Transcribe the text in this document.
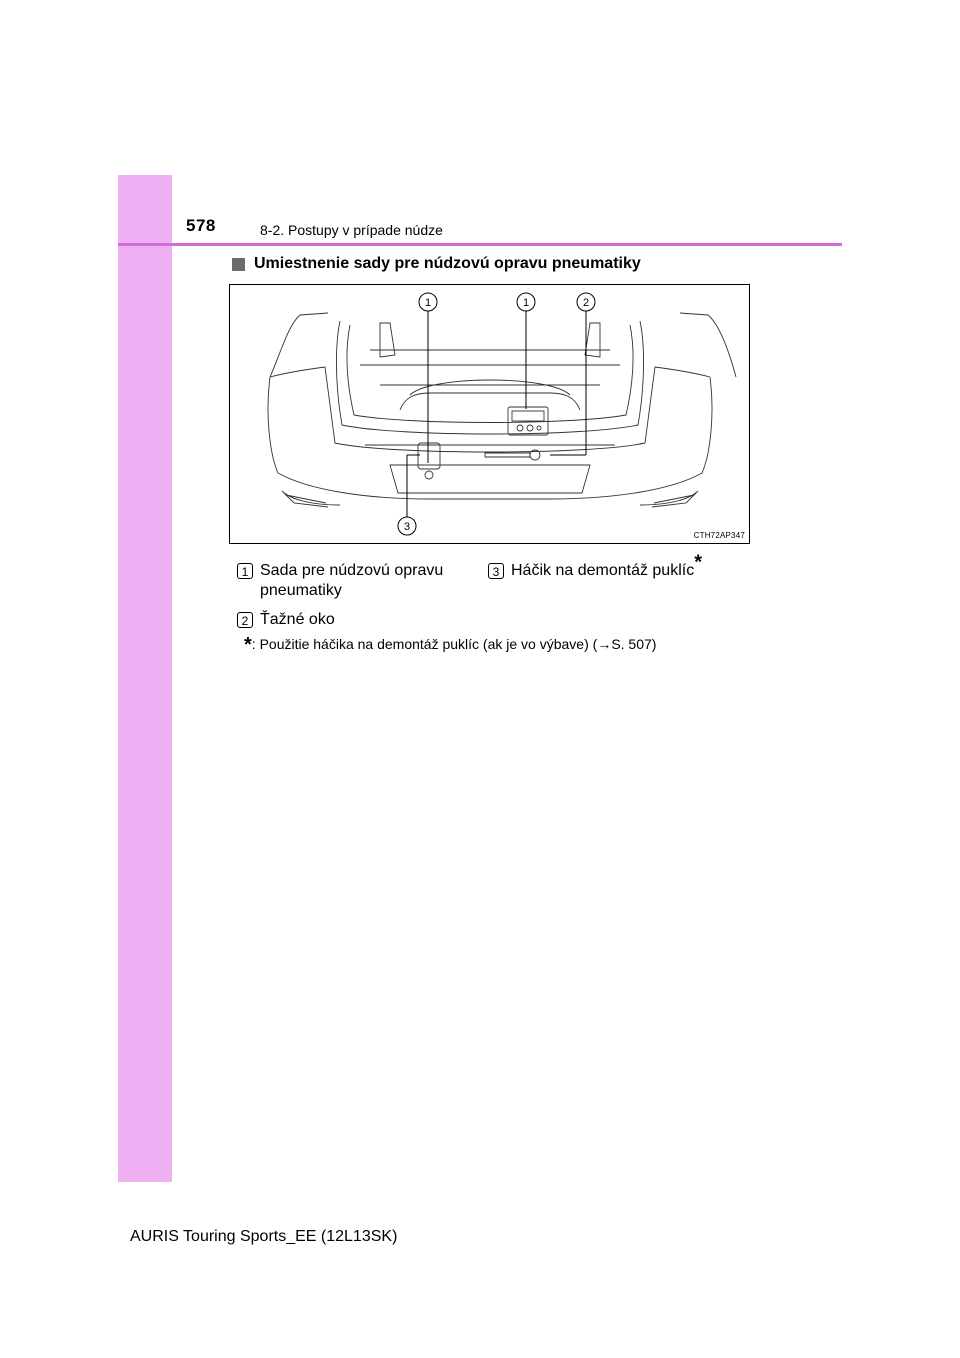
578	8-2. Postupy v prípade núdze
Umiestnenie sady pre núdzovú opravu pneumatiky
1	1	2
3
CTH72AP347
1 Sada pre núdzovú opravu
pneumatiky
2 Ťažné oko
3 Háčik na demontáž puklíc*
*: Použitie háčika na demontáž puklíc (ak je vo výbave) (→S. 507)
AURIS Touring Sports_EE (12L13SK)
